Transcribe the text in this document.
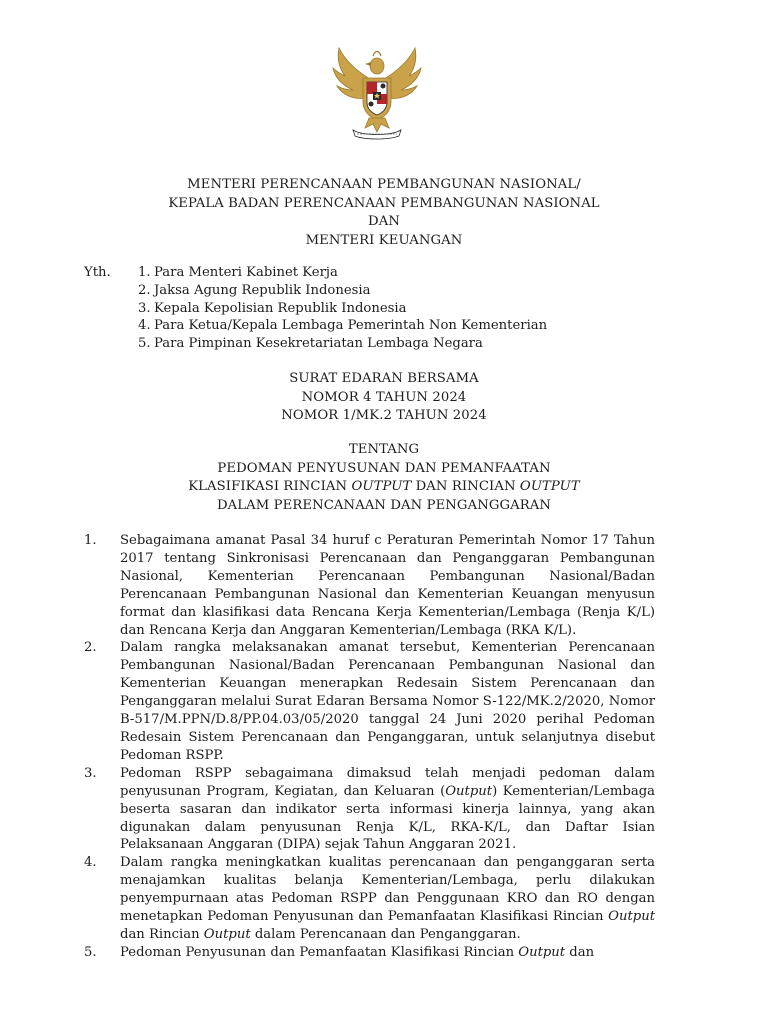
MENTERI PERENCANAAN PEMBANGUNAN NASIONAL/
KEPALA BADAN PERENCANAAN PEMBANGUNAN NASIONAL
DAN
MENTERI KEUANGAN
Yth. 1. Para Menteri Kabinet Kerja
2. Jaksa Agung Republik Indonesia
3. Kepala Kepolisian Republik Indonesia
4. Para Ketua/Kepala Lembaga Pemerintah Non Kementerian
5. Para Pimpinan Kesekretariatan Lembaga Negara
SURAT EDARAN BERSAMA
NOMOR 4 TAHUN 2024
NOMOR 1/MK.2 TAHUN 2024
TENTANG
PEDOMAN PENYUSUNAN DAN PEMANFAATAN
KLASIFIKASI RINCIAN OUTPUT DAN RINCIAN OUTPUT
DALAM PERENCANAAN DAN PENGANGGARAN
1.	Sebagaimana amanat Pasal 34 huruf c Peraturan Pemerintah Nomor 17 Tahun 2017 tentang Sinkronisasi Perencanaan dan Penganggaran Pembangunan Nasional, Kementerian Perencanaan Pembangunan Nasional/Badan Perencanaan Pembangunan Nasional dan Kementerian Keuangan menyusun format dan klasifikasi data Rencana Kerja Kementerian/Lembaga (Renja K/L) dan Rencana Kerja dan Anggaran Kementerian/Lembaga (RKA K/L).
2.	Dalam rangka melaksanakan amanat tersebut, Kementerian Perencanaan Pembangunan Nasional/Badan Perencanaan Pembangunan Nasional dan Kementerian Keuangan menerapkan Redesain Sistem Perencanaan dan Penganggaran melalui Surat Edaran Bersama Nomor S-122/MK.2/2020, Nomor B-517/M.PPN/D.8/PP.04.03/05/2020 tanggal 24 Juni 2020 perihal Pedoman Redesain Sistem Perencanaan dan Penganggaran, untuk selanjutnya disebut Pedoman RSPP.
3.	Pedoman RSPP sebagaimana dimaksud telah menjadi pedoman dalam penyusunan Program, Kegiatan, dan Keluaran (Output) Kementerian/Lembaga beserta sasaran dan indikator serta informasi kinerja lainnya, yang akan digunakan dalam penyusunan Renja K/L, RKA-K/L, dan Daftar Isian Pelaksanaan Anggaran (DIPA) sejak Tahun Anggaran 2021.
4.	Dalam rangka meningkatkan kualitas perencanaan dan penganggaran serta menajamkan kualitas belanja Kementerian/Lembaga, perlu dilakukan penyempurnaan atas Pedoman RSPP dan Penggunaan KRO dan RO dengan menetapkan Pedoman Penyusunan dan Pemanfaatan Klasifikasi Rincian Output dan Rincian Output dalam Perencanaan dan Penganggaran.
5.	Pedoman Penyusunan dan Pemanfaatan Klasifikasi Rincian Output dan
